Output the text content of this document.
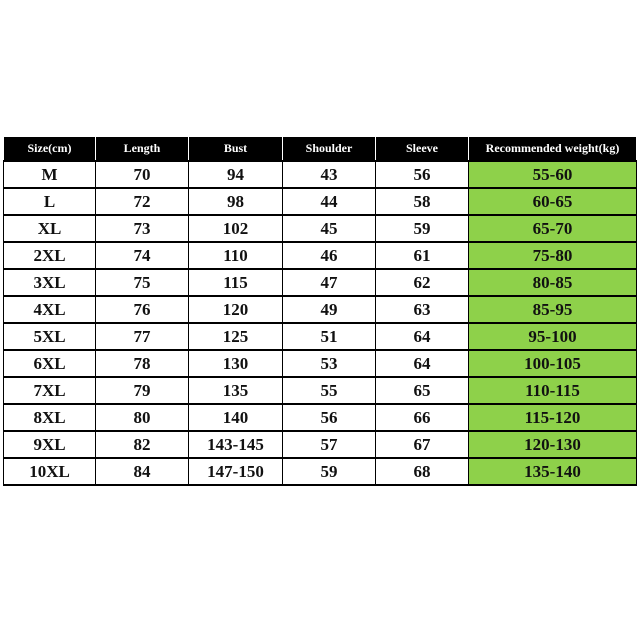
Size(cm)	Length	Bust	Shoulder	Sleeve	Recommended weight(kg)
M	70	94	43	56	55-60
L	72	98	44	58	60-65
XL	73	102	45	59	65-70
2XL	74	110	46	61	75-80
3XL	75	115	47	62	80-85
4XL	76	120	49	63	85-95
5XL	77	125	51	64	95-100
6XL	78	130	53	64	100-105
7XL	79	135	55	65	110-115
8XL	80	140	56	66	115-120
9XL	82	143-145	57	67	120-130
10XL	84	147-150	59	68	135-140
